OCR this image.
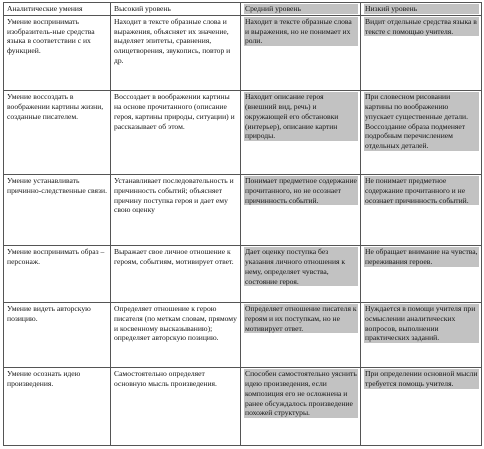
Аналитические умения	Высокий уровень	Средний уровень	Низкий уровень

Умение воспринимать изобразитель-ные средства языка в соответствии с их функцией.	Находит в тексте образные слова и выражения, объясняет их значение, выделяет эпитеты, сравнения, олицетворения, звукопись, повтор и др.	Находит в тексте образные слова и выражения, но не понимает их роли.	Видит отдельные средства языка в тексте с помощью учителя.

Умение воссоздать в воображении картины жизни, созданные писателем.	Воссоздает в воображении картины на основе прочитанного (описание героя, картины природы, ситуации) и рассказывает об этом.	Находит описание героя (внешний вид, речь) и окружающей его обстановки (интерьер), описание картин природы.	При словесном рисовании картины по воображению упускает существенные детали. Воссоздание образа подменяет подробным перечислением отдельных деталей.

Умение устанавливать причинно-следственные связи.	Устанавливает последовательность и причинность событий; объясняет причину поступка героя и дает ему свою оценку	Понимает предметное содержание прочитанного, но не осознает причинность событий.	Не понимает предметное содержание прочитанного и не осознает причинность событий.

Умение воспринимать образ – персонаж.	Выражает свое личное отношение к героям, событиям, мотивирует ответ.	Дает оценку поступка без указания личного отношения к нему, определяет чувства, состояние героя.	Не обращает внимание на чувства, переживания героев.

Умение видеть авторскую позицию.	Определяет отношение к герою писателя (по меткам словам, прямому и косвенному высказыванию); определяет авторскую позицию.	Определяет отношение писателя к героям и их поступкам, но не мотивирует ответ.	Нуждается в помощи учителя при осмыслении аналитических вопросов, выполнении практических заданий.

Умение осознать идею произведения.	Самостоятельно определяет основную мысль произведения.	Способен самостоятельно уяснить идею произведения, если композиция его не осложнена и ранее обсуждалось произведение похожей структуры.	При определении основной мысли требуется помощь учителя.
